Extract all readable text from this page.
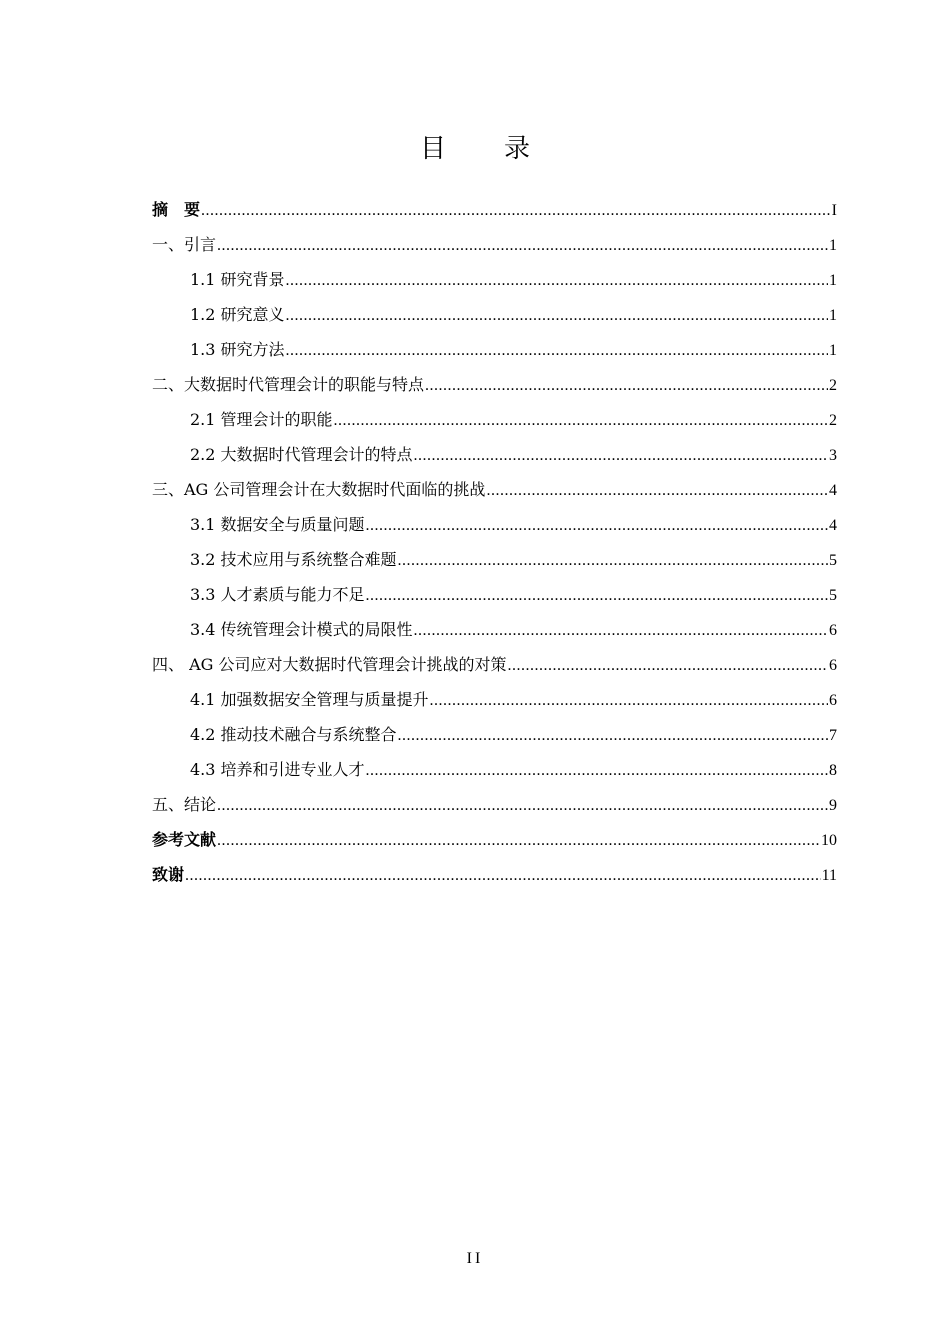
目录
摘要 .....	I
一、引言 .....	1
1.1 研究背景 .....	1
1.2 研究意义 .....	1
1.3 研究方法 .....	1
二、大数据时代管理会计的职能与特点 .....	2
2.1 管理会计的职能 .....	2
2.2 大数据时代管理会计的特点 .....	3
三、AG 公司管理会计在大数据时代面临的挑战 .....	4
3.1 数据安全与质量问题 .....	4
3.2 技术应用与系统整合难题 .....	5
3.3 人才素质与能力不足 .....	5
3.4 传统管理会计模式的局限性 .....	6
四、 AG 公司应对大数据时代管理会计挑战的对策 .....	6
4.1 加强数据安全管理与质量提升 .....	6
4.2 推动技术融合与系统整合 .....	7
4.3 培养和引进专业人才 .....	8
五、结论 .....	9
参考文献 .....	10
致谢 .....	11
II
